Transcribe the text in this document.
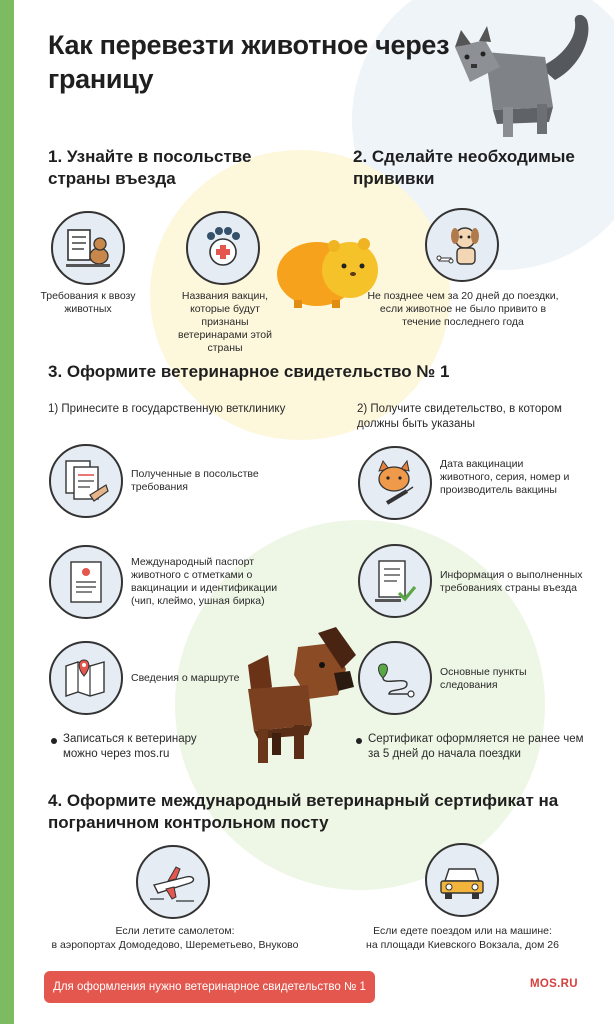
Как перевезти животное через границу
1. Узнайте в посольстве страны въезда
Требования к ввозу животных
Названия вакцин, которые будут признаны ветеринарами этой страны
2. Сделайте необходимые прививки
Не позднее чем за 20 дней до поездки, если животное не было привито в течение последнего года
3. Оформите ветеринарное свидетельство № 1
1) Принесите в государственную ветклинику	2) Получите свидетельство, в котором должны быть указаны
Полученные в посольстве требования
Международный паспорт животного с отметками о вакцинации и идентификации (чип, клеймо, ушная бирка)
Сведения о маршруте
Дата вакцинации животного, серия, номер и производитель вакцины
Информация о выполненных требованиях страны въезда
Основные пункты следования
Записаться к ветеринару можно через mos.ru
Сертификат оформляется не ранее чем за 5 дней до начала поездки
4. Оформите международный ветеринарный сертификат на пограничном контрольном посту
Если летите самолетом:
в аэропортах Домодедово, Шереметьево, Внуково
Если едете поездом или на машине:
на площади Киевского Вокзала, дом 26
Для оформления нужно ветеринарное свидетельство № 1	MOS.RU
